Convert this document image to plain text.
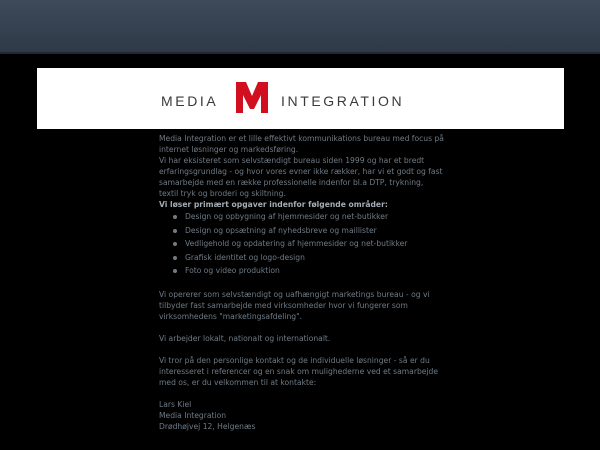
MEDIA	INTEGRATION

Media Integration er et lille effektivt kommunikations bureau med focus på internet løsninger og markedsføring.

Vi har eksisteret som selvstændigt bureau siden 1999 og har et bredt erfaringsgrundlag - og hvor vores evner ikke rækker, har vi et godt og fast samarbejde med en række professionelle indenfor bl.a DTP, trykning, textil tryk og broderi og skiltning.

Vi løser primært opgaver indenfor følgende områder:

Design og opbygning af hjemmesider og net-butikker
Design og opsætning af nyhedsbreve og maillister
Vedligehold og opdatering af hjemmesider og net-butikker
Grafisk identitet og logo-design
Foto og video produktion

Vi opererer som selvstændigt og uafhængigt marketings bureau - og vi tilbyder fast samarbejde med virksomheder hvor vi fungerer som virksomhedens "marketingsafdeling".

Vi arbejder lokalt, nationalt og internationalt.

Vi tror på den personlige kontakt og de individuelle løsninger - så er du interesseret i referencer og en snak om mulighederne ved et samarbejde med os, er du velkommen til at kontakte:

Lars Kiel

Media Integration

Drødhøjvej 12, Helgenæs
